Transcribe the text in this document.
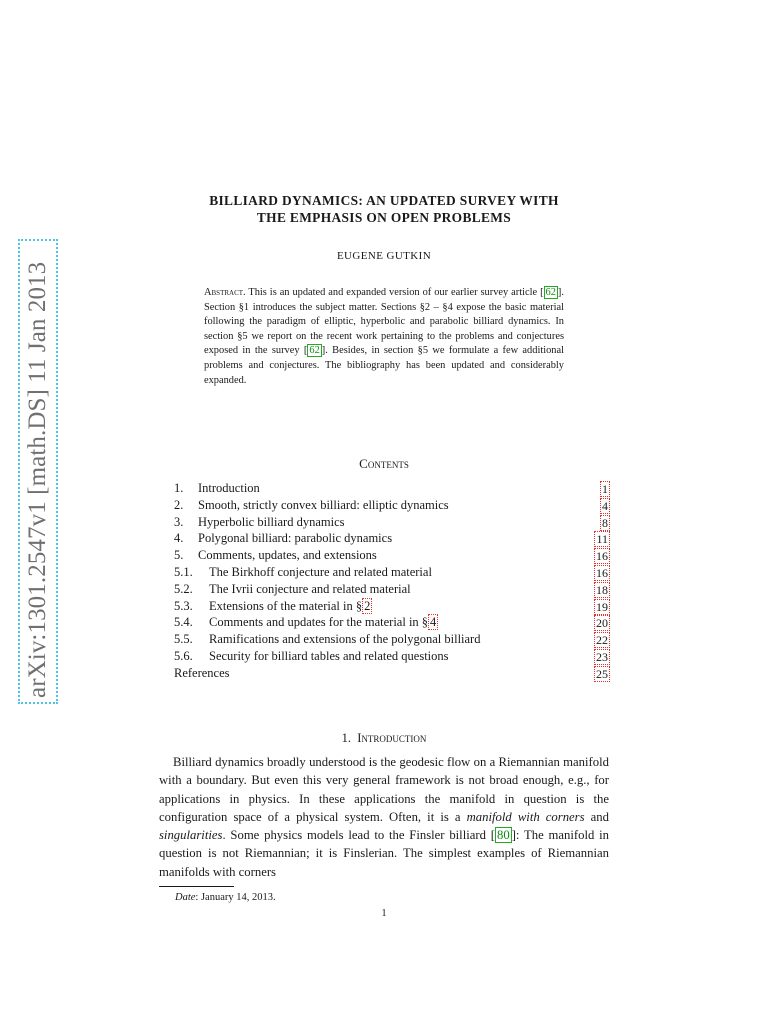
arXiv:1301.2547v1 [math.DS] 11 Jan 2013
BILLIARD DYNAMICS: AN UPDATED SURVEY WITH
THE EMPHASIS ON OPEN PROBLEMS
EUGENE GUTKIN
Abstract. This is an updated and expanded version of our earlier survey article [ 62 ]. Section §1 introduces the subject matter. Sections §2 – §4 expose the basic material following the paradigm of elliptic, hyperbolic and parabolic billiard dynamics. In section §5 we report on the recent work pertaining to the problems and conjectures exposed in the survey [ 62 ]. Besides, in section §5 we formulate a few additional problems and conjectures. The bibliography has been updated and considerably expanded.
Contents
1. Introduction	1
2. Smooth, strictly convex billiard: elliptic dynamics	4
3. Hyperbolic billiard dynamics	8
4. Polygonal billiard: parabolic dynamics	11
5. Comments, updates, and extensions	16
5.1. The Birkhoff conjecture and related material	16
5.2. The Ivrii conjecture and related material	18
5.3. Extensions of the material in § 2	19
5.4. Comments and updates for the material in § 4	20
5.5. Ramifications and extensions of the polygonal billiard	22
5.6. Security for billiard tables and related questions	23
References	25
1. Introduction
Billiard dynamics broadly understood is the geodesic flow on a Riemannian manifold with a boundary. But even this very general framework is not broad enough, e.g., for applications in physics. In these applications the manifold in question is the configuration space of a physical system. Often, it is a manifold with corners and singularities. Some physics models lead to the Finsler billiard [ 80 ]: The manifold in question is not Riemannian; it is Finslerian. The simplest examples of Riemannian manifolds with corners
Date: January 14, 2013.
1
